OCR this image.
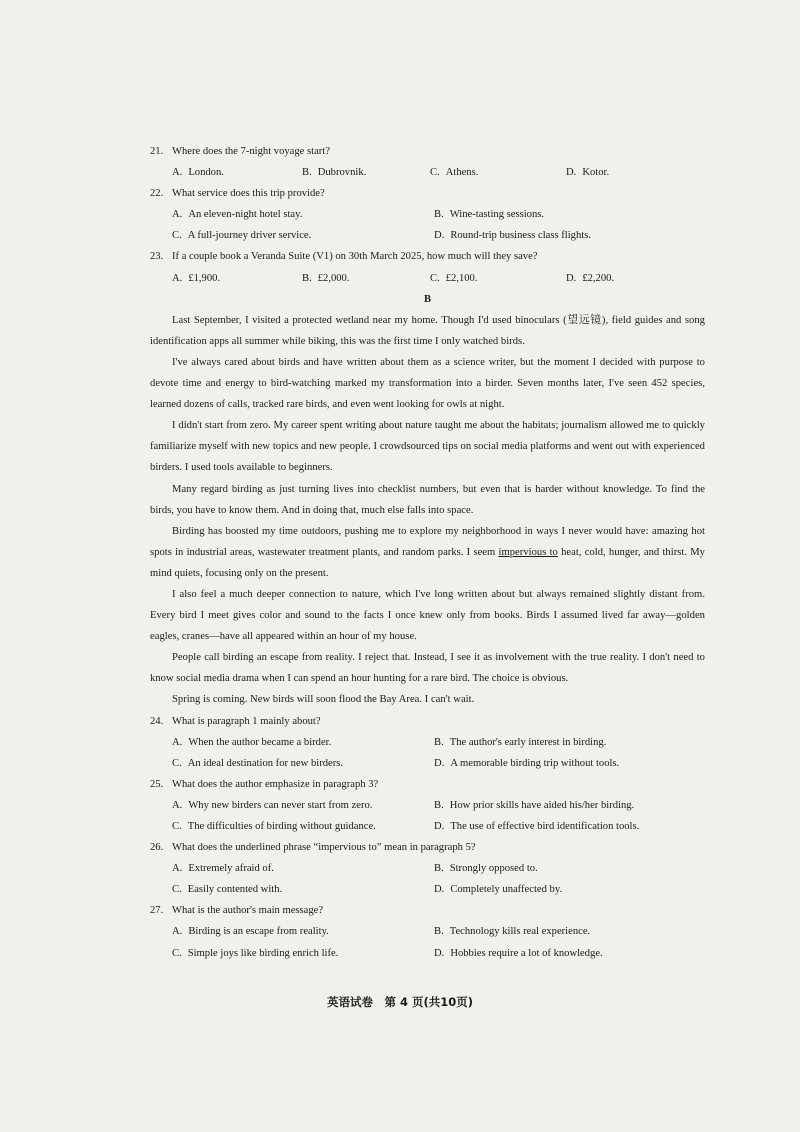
21. Where does the 7-night voyage start?
A. London.	B. Dubrovnik.	C. Athens.	D. Kotor.
22. What service does this trip provide?
A. An eleven-night hotel stay.	B. Wine-tasting sessions.
C. A full-journey driver service.	D. Round-trip business class flights.
23. If a couple book a Veranda Suite (V1) on 30th March 2025, how much will they save?
A. £1,900.	B. £2,000.	C. £2,100.	D. £2,200.
B
Last September, I visited a protected wetland near my home. Though I'd used binoculars (望远镜), field guides and song identification apps all summer while biking, this was the first time I only watched birds.
I've always cared about birds and have written about them as a science writer, but the moment I decided with purpose to devote time and energy to bird-watching marked my transformation into a birder. Seven months later, I've seen 452 species, learned dozens of calls, tracked rare birds, and even went looking for owls at night.
I didn't start from zero. My career spent writing about nature taught me about the habitats; journalism allowed me to quickly familiarize myself with new topics and new people. I crowdsourced tips on social media platforms and went out with experienced birders. I used tools available to beginners.
Many regard birding as just turning lives into checklist numbers, but even that is harder without knowledge. To find the birds, you have to know them. And in doing that, much else falls into space.
Birding has boosted my time outdoors, pushing me to explore my neighborhood in ways I never would have: amazing hot spots in industrial areas, wastewater treatment plants, and random parks. I seem impervious to heat, cold, hunger, and thirst. My mind quiets, focusing only on the present.
I also feel a much deeper connection to nature, which I've long written about but always remained slightly distant from. Every bird I meet gives color and sound to the facts I once knew only from books. Birds I assumed lived far away—golden eagles, cranes—have all appeared within an hour of my house.
People call birding an escape from reality. I reject that. Instead, I see it as involvement with the true reality. I don't need to know social media drama when I can spend an hour hunting for a rare bird. The choice is obvious.
Spring is coming. New birds will soon flood the Bay Area. I can't wait.
24. What is paragraph 1 mainly about?
A. When the author became a birder.	B. The author's early interest in birding.
C. An ideal destination for new birders.	D. A memorable birding trip without tools.
25. What does the author emphasize in paragraph 3?
A. Why new birders can never start from zero.	B. How prior skills have aided his/her birding.
C. The difficulties of birding without guidance.	D. The use of effective bird identification tools.
26. What does the underlined phrase “impervious to” mean in paragraph 5?
A. Extremely afraid of.	B. Strongly opposed to.
C. Easily contented with.	D. Completely unaffected by.
27. What is the author's main message?
A. Birding is an escape from reality.	B. Technology kills real experience.
C. Simple joys like birding enrich life.	D. Hobbies require a lot of knowledge.
英语试卷　第 4 页(共10页)
